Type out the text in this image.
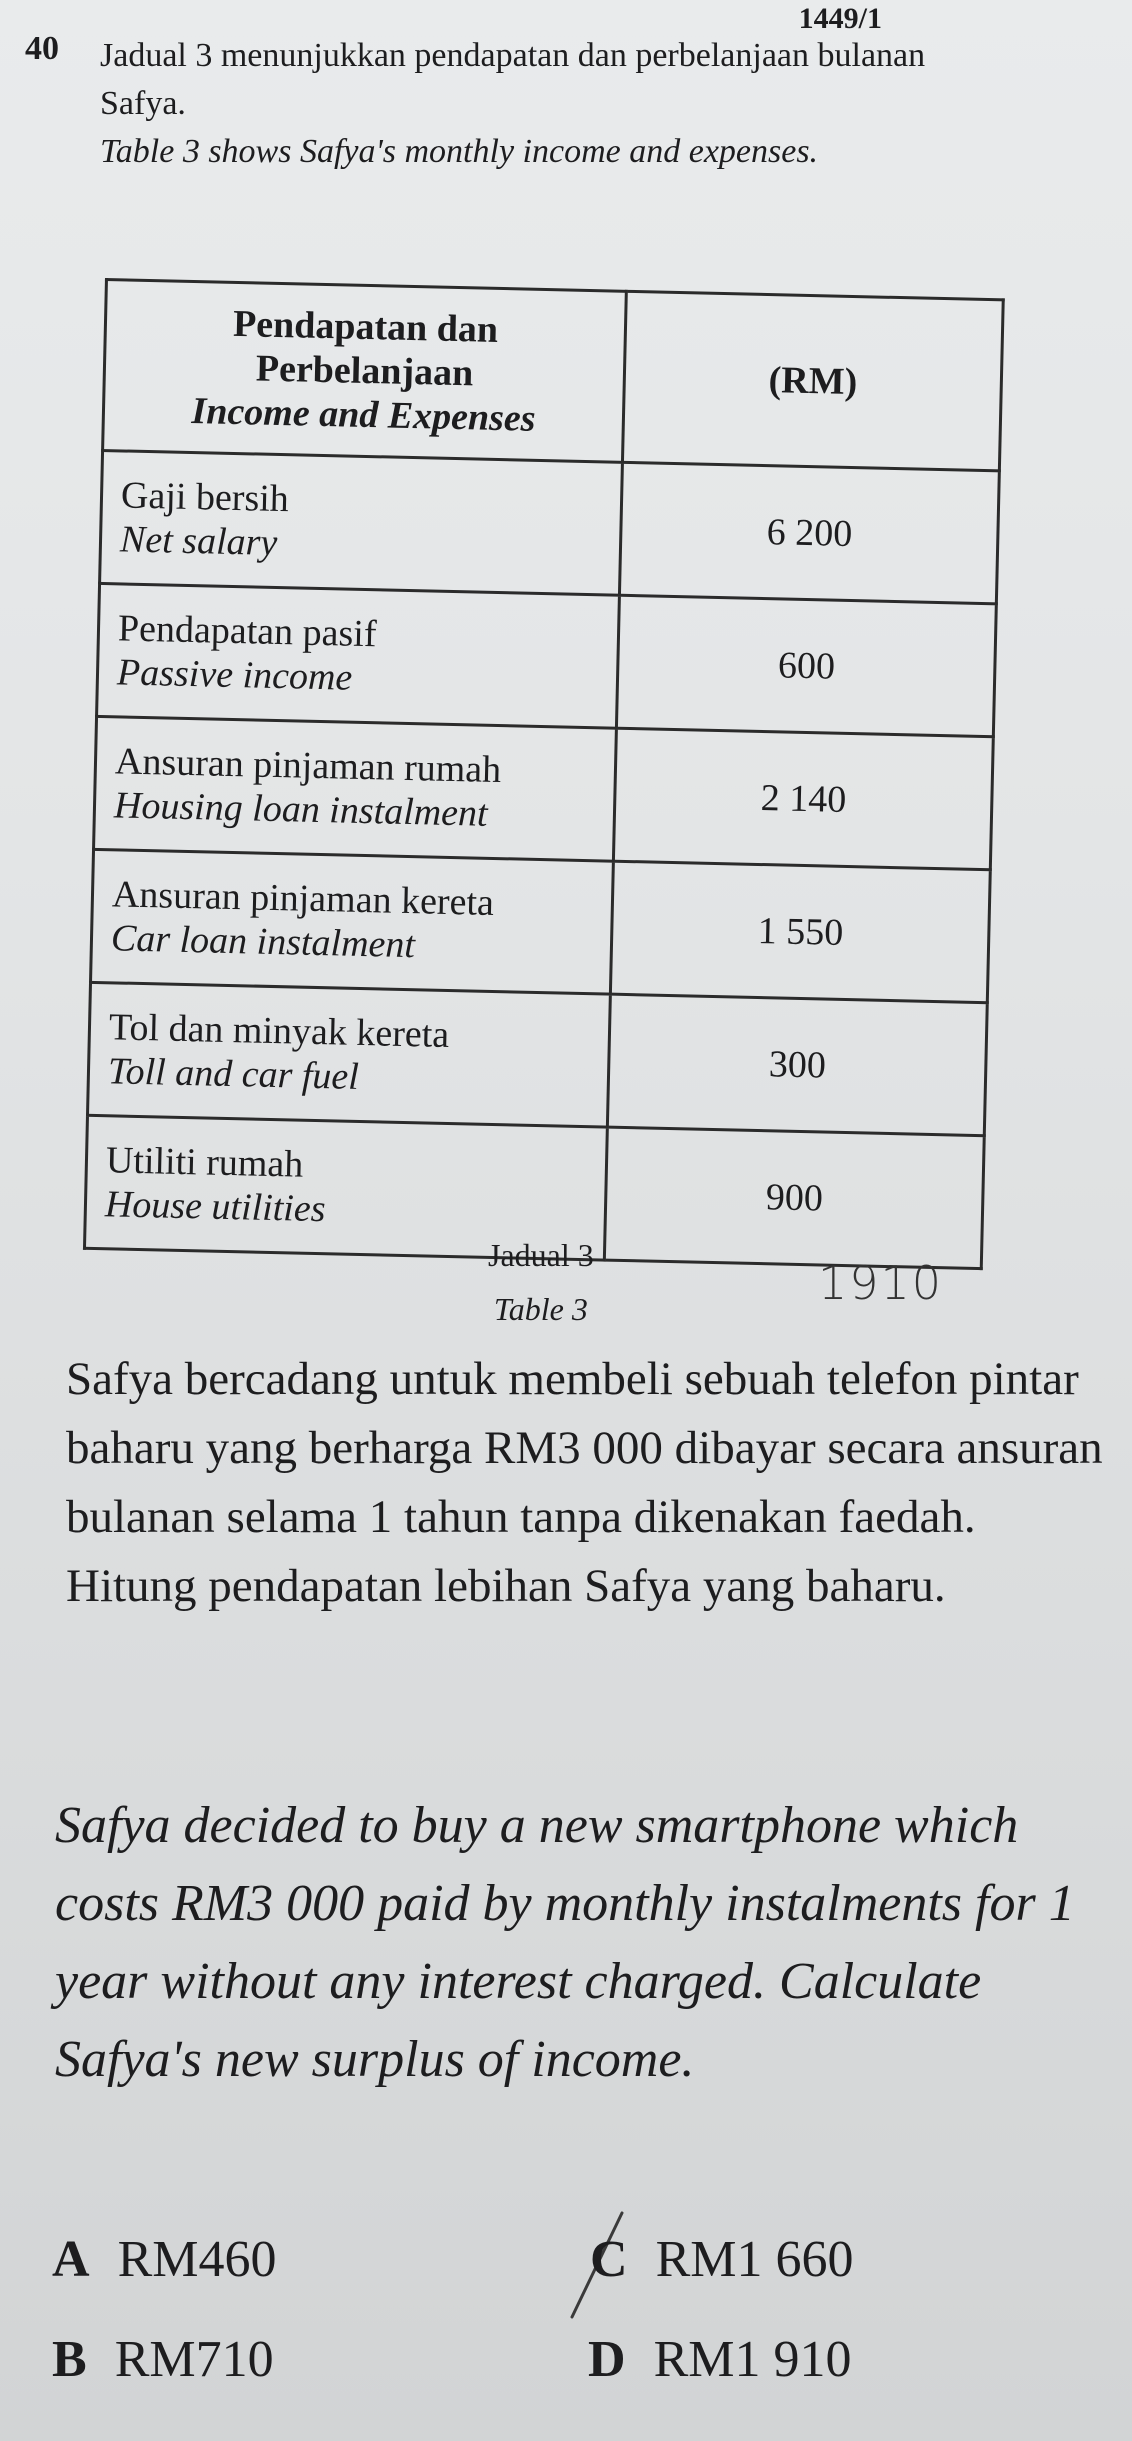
1449/1
40 Jadual 3 menunjukkan pendapatan dan perbelanjaan bulanan Safya.
Table 3 shows Safya's monthly income and expenses.
Pendapatan dan
Perbelanjaan
Income and Expenses	(RM)

Gaji bersih
Net salary	6 200

Pendapatan pasif
Passive income	600

Ansuran pinjaman rumah
Housing loan instalment	2 140

Ansuran pinjaman kereta
Car loan instalment	1 550

Tol dan minyak kereta
Toll and car fuel	300

Utiliti rumah
House utilities	900
Jadual 3
Table 3	1910
Safya bercadang untuk membeli sebuah telefon pintar baharu yang berharga RM3 000 dibayar secara ansuran bulanan selama 1 tahun tanpa dikenakan faedah. Hitung pendapatan lebihan Safya yang baharu.
Safya decided to buy a new smartphone which costs RM3 000 paid by monthly instalments for 1 year without any interest charged. Calculate Safya's new surplus of income.
A RM460
B RM710
C RM1 660
D RM1 910
